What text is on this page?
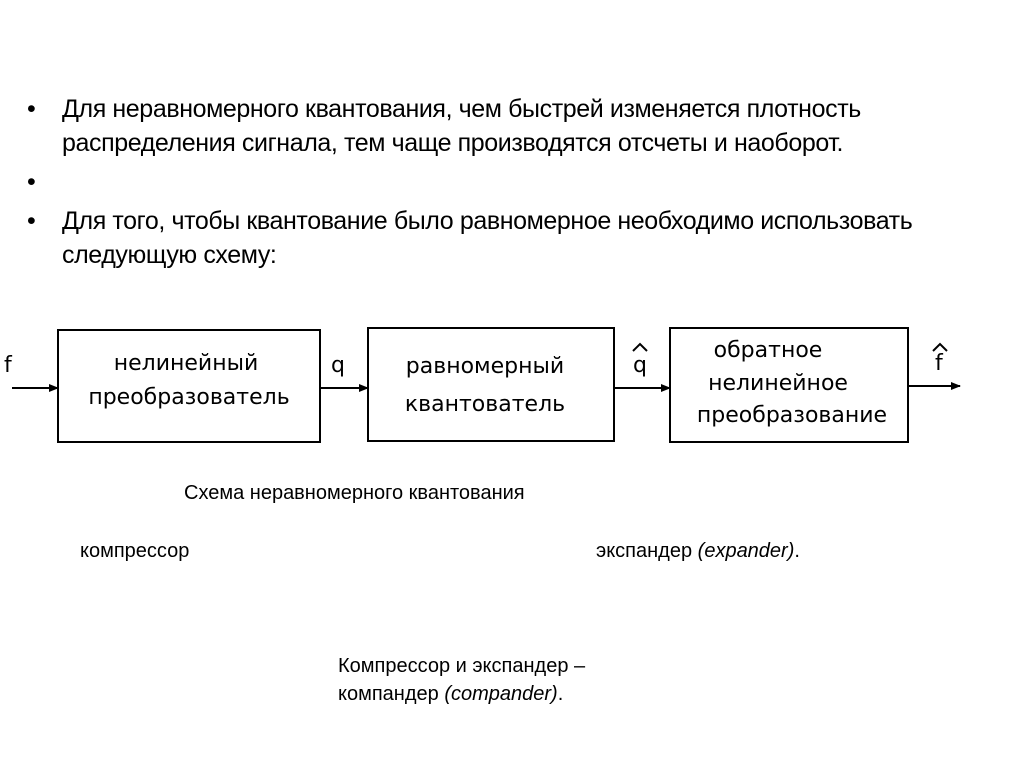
•	Для неравномерного квантования, чем быстрей изменяется плотность распределения сигнала, тем чаще производятся отсчеты и наоборот.
•
•	Для того, чтобы квантование было равномерное необходимо использовать следующую схему:
нелинейный
преобразователь
равномерный
квантователь
обратное
нелинейное
преобразование
f	q	q	f
Схема неравномерного квантования
компрессор	экспандер (expander).
Компрессор и экспандер –
компандер (compander).
